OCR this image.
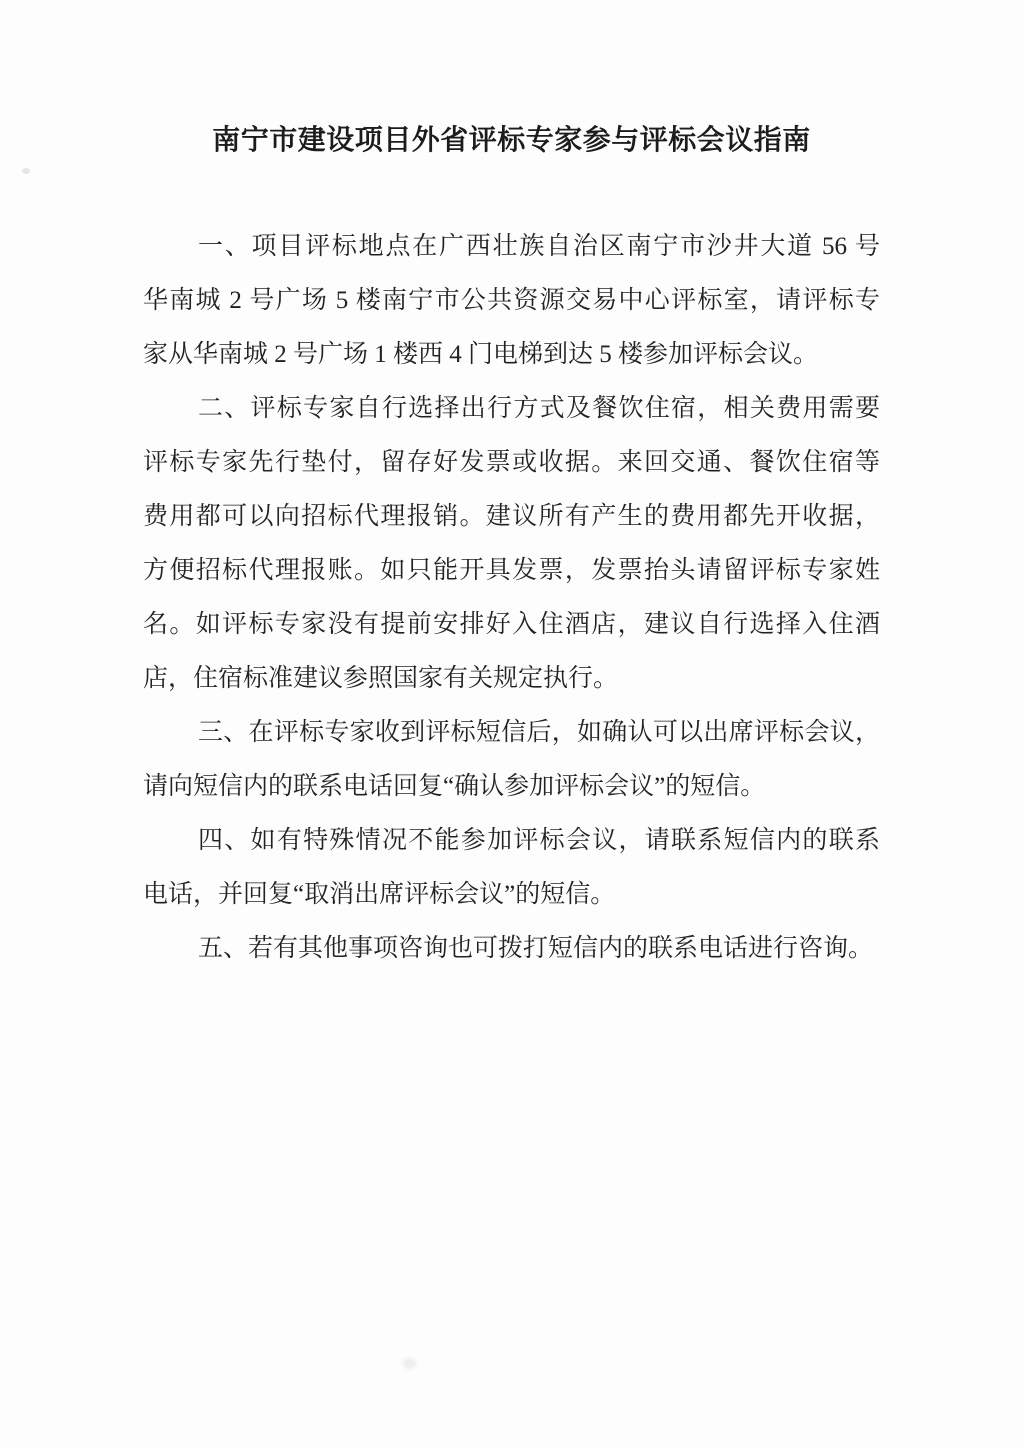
南宁市建设项目外省评标专家参与评标会议指南
一、项目评标地点在广西壮族自治区南宁市沙井大道 56 号
华南城 2 号广场 5 楼南宁市公共资源交易中心评标室，请评标专
家从华南城 2 号广场 1 楼西 4 门电梯到达 5 楼参加评标会议。
二、评标专家自行选择出行方式及餐饮住宿，相关费用需要
评标专家先行垫付，留存好发票或收据。来回交通、餐饮住宿等
费用都可以向招标代理报销。建议所有产生的费用都先开收据，
方便招标代理报账。如只能开具发票，发票抬头请留评标专家姓
名。如评标专家没有提前安排好入住酒店，建议自行选择入住酒
店，住宿标准建议参照国家有关规定执行。
三、在评标专家收到评标短信后，如确认可以出席评标会议，
请向短信内的联系电话回复“确认参加评标会议”的短信。
四、如有特殊情况不能参加评标会议，请联系短信内的联系
电话，并回复“取消出席评标会议”的短信。
五、若有其他事项咨询也可拨打短信内的联系电话进行咨询。
